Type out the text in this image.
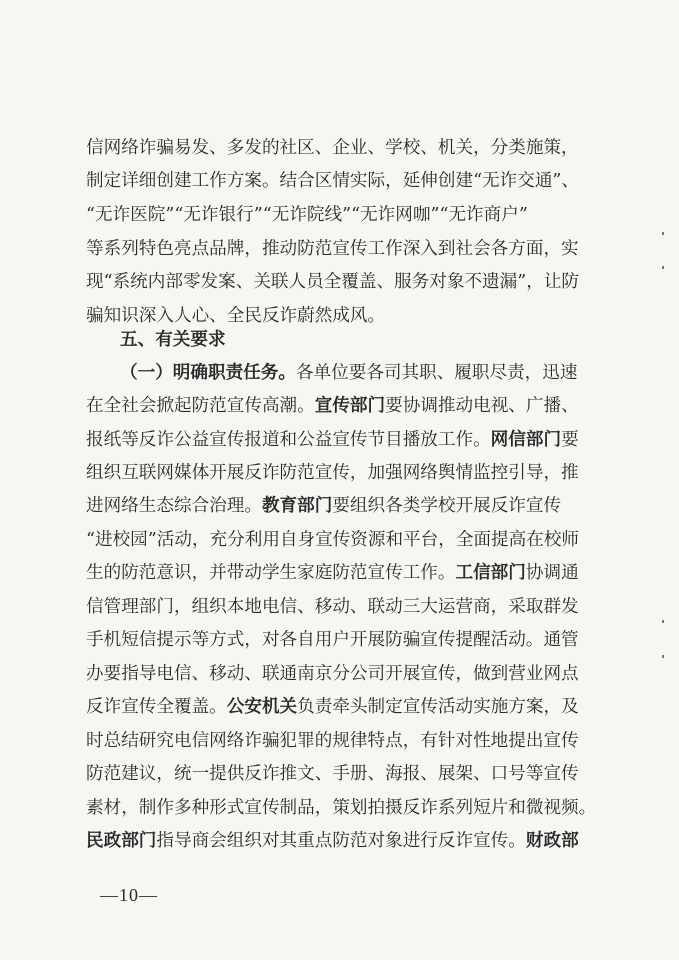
信网络诈骗易发、多发的社区、企业、学校、机关，分类施策，

制定详细创建工作方案。结合区情实际，延伸创建“无诈交通”、

“无诈医院”“无诈银行”“无诈院线”“无诈网咖”“无诈商户”

等系列特色亮点品牌，推动防范宣传工作深入到社会各方面，实

现“系统内部零发案、关联人员全覆盖、服务对象不遗漏”，让防

骗知识深入人心、全民反诈蔚然成风。

五、有关要求

（一）明确职责任务。各单位要各司其职、履职尽责，迅速

在全社会掀起防范宣传高潮。宣传部门要协调推动电视、广播、

报纸等反诈公益宣传报道和公益宣传节目播放工作。网信部门要

组织互联网媒体开展反诈防范宣传，加强网络舆情监控引导，推

进网络生态综合治理。教育部门要组织各类学校开展反诈宣传

“进校园”活动，充分利用自身宣传资源和平台，全面提高在校师

生的防范意识，并带动学生家庭防范宣传工作。工信部门协调通

信管理部门，组织本地电信、移动、联动三大运营商，采取群发

手机短信提示等方式，对各自用户开展防骗宣传提醒活动。通管

办要指导电信、移动、联通南京分公司开展宣传，做到营业网点

反诈宣传全覆盖。公安机关负责牵头制定宣传活动实施方案，及

时总结研究电信网络诈骗犯罪的规律特点，有针对性地提出宣传

防范建议，统一提供反诈推文、手册、海报、展架、口号等宣传

素材，制作多种形式宣传制品，策划拍摄反诈系列短片和微视频。

民政部门指导商会组织对其重点防范对象进行反诈宣传。财政部

—10—
